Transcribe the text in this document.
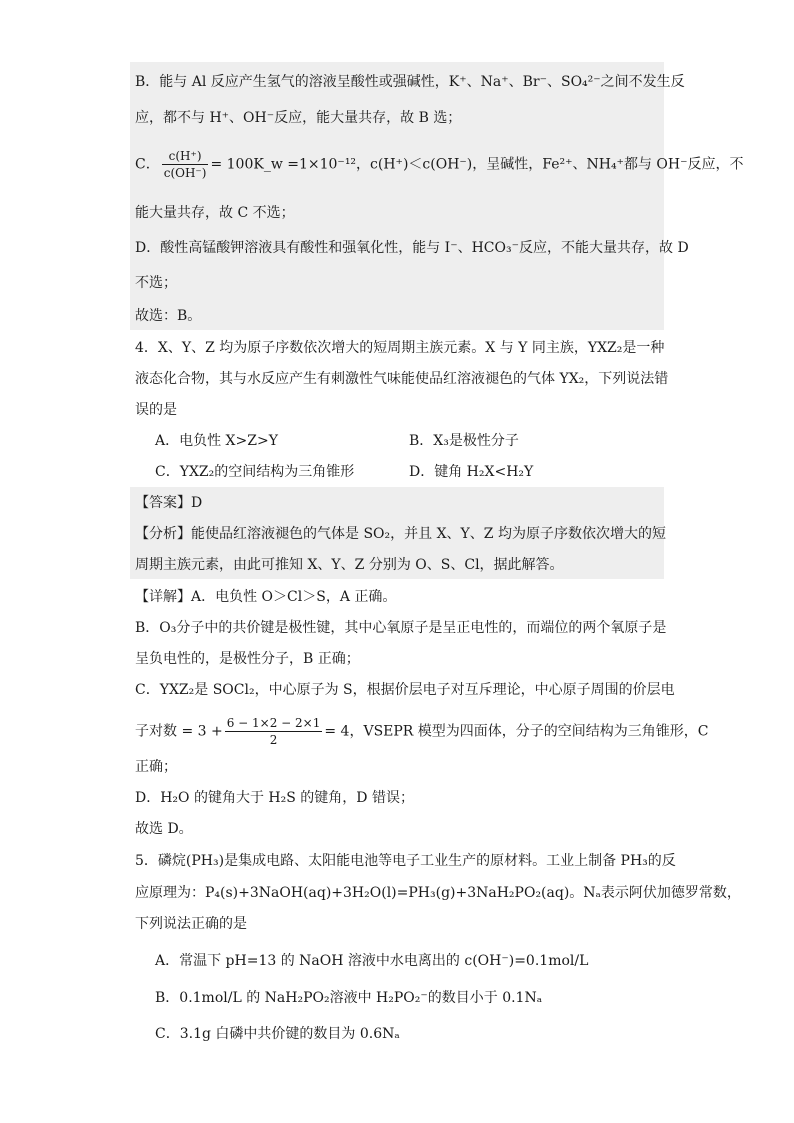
B．能与 Al 反应产生氢气的溶液呈酸性或强碱性，K⁺、Na⁺、Br⁻、SO₄²⁻之间不发生反
应，都不与 H⁺、OH⁻反应，能大量共存，故 B 选；
C． $\frac{c(H^+)}{c(OH^-)}$ = 100K_w =1×10⁻¹²，c(H⁺)＜c(OH⁻)，呈碱性，Fe²⁺、NH₄⁺都与 OH⁻反应，不
能大量共存，故 C 不选；
D．酸性高锰酸钾溶液具有酸性和强氧化性，能与 I⁻、HCO₃⁻反应，不能大量共存，故 D
不选；
故选：B。
4．X、Y、Z 均为原子序数依次增大的短周期主族元素。X 与 Y 同主族，YXZ₂是一种
液态化合物，其与水反应产生有刺激性气味能使品红溶液褪色的气体 YX₂，下列说法错
误的是
A．电负性 X>Z>Y	B．X₃是极性分子
C．YXZ₂的空间结构为三角锥形	D．键角 H₂X<H₂Y
【答案】D
【分析】能使品红溶液褪色的气体是 SO₂，并且 X、Y、Z 均为原子序数依次增大的短
周期主族元素，由此可推知 X、Y、Z 分别为 O、S、Cl，据此解答。
【详解】A．电负性 O＞Cl＞S，A 正确。
B．O₃分子中的共价键是极性键，其中心氧原子是呈正电性的，而端位的两个氧原子是
呈负电性的，是极性分子，B 正确；
C．YXZ₂是 SOCl₂，中心原子为 S，根据价层电子对互斥理论，中心原子周围的价层电
子对数 = $3 + \frac{6 - 1\times 2 - 2\times 1}{2} = 4$，VSEPR 模型为四面体，分子的空间结构为三角锥形，C
正确；
D．H₂O 的键角大于 H₂S 的键角，D 错误；
故选 D。
5．磷烷(PH₃)是集成电路、太阳能电池等电子工业生产的原材料。工业上制备 PH₃的反
应原理为：P₄(s)+3NaOH(aq)+3H₂O(l)=PH₃(g)+3NaH₂PO₂(aq)。Nₐ表示阿伏加德罗常数，
下列说法正确的是
A．常温下 pH=13 的 NaOH 溶液中水电离出的 c(OH⁻)=0.1mol/L
B．0.1mol/L 的 NaH₂PO₂溶液中 H₂PO₂⁻的数目小于 0.1Nₐ
C．3.1g 白磷中共价键的数目为 0.6Nₐ
